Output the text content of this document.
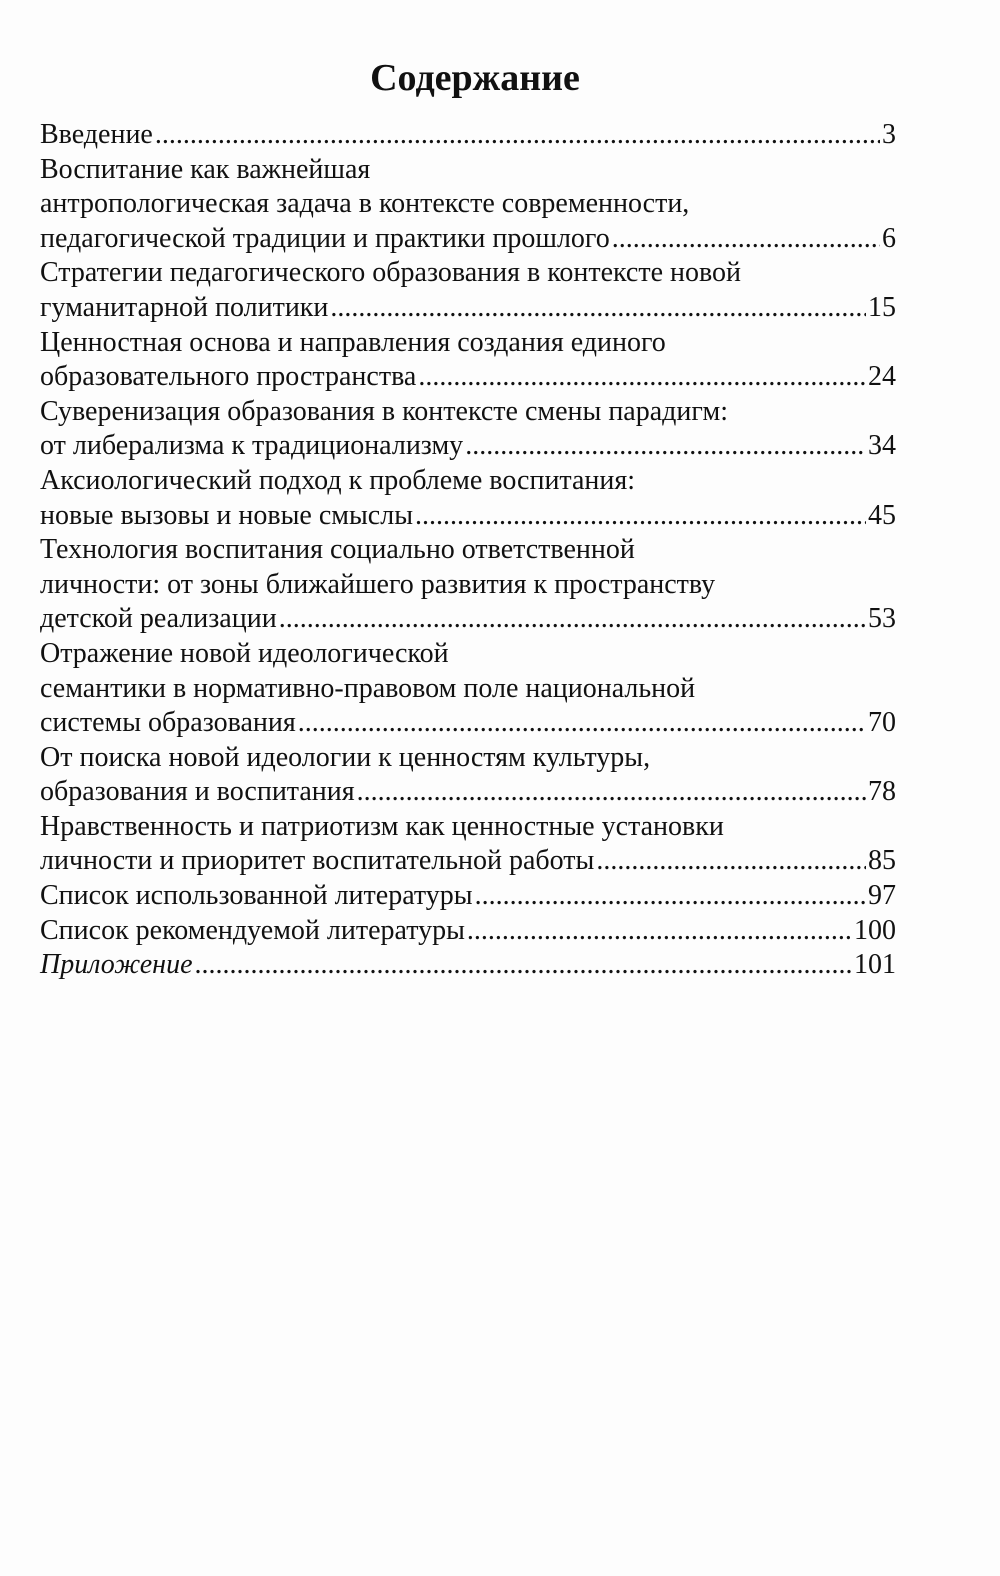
Содержание
Введение .....	3
Воспитание как важнейшая
антропологическая задача в контексте современности,
педагогической традиции и практики прошлого .....	6
Стратегии педагогического образования в контексте новой
гуманитарной политики .....	15
Ценностная основа и направления создания единого
образовательного пространства .....	24
Суверенизация образования в контексте смены парадигм:
от либерализма к традиционализму .....	34
Аксиологический подход к проблеме воспитания:
новые вызовы и новые смыслы .....	45
Технология воспитания социально ответственной
личности: от зоны ближайшего развития к пространству
детской реализации .....	53
Отражение новой идеологической
семантики в нормативно-правовом поле национальной
системы образования .....	70
От поиска новой идеологии к ценностям культуры,
образования и воспитания .....	78
Нравственность и патриотизм как ценностные установки
личности и приоритет воспитательной работы .....	85
Список использованной литературы .....	97
Список рекомендуемой литературы .....	100
Приложение .....	101
